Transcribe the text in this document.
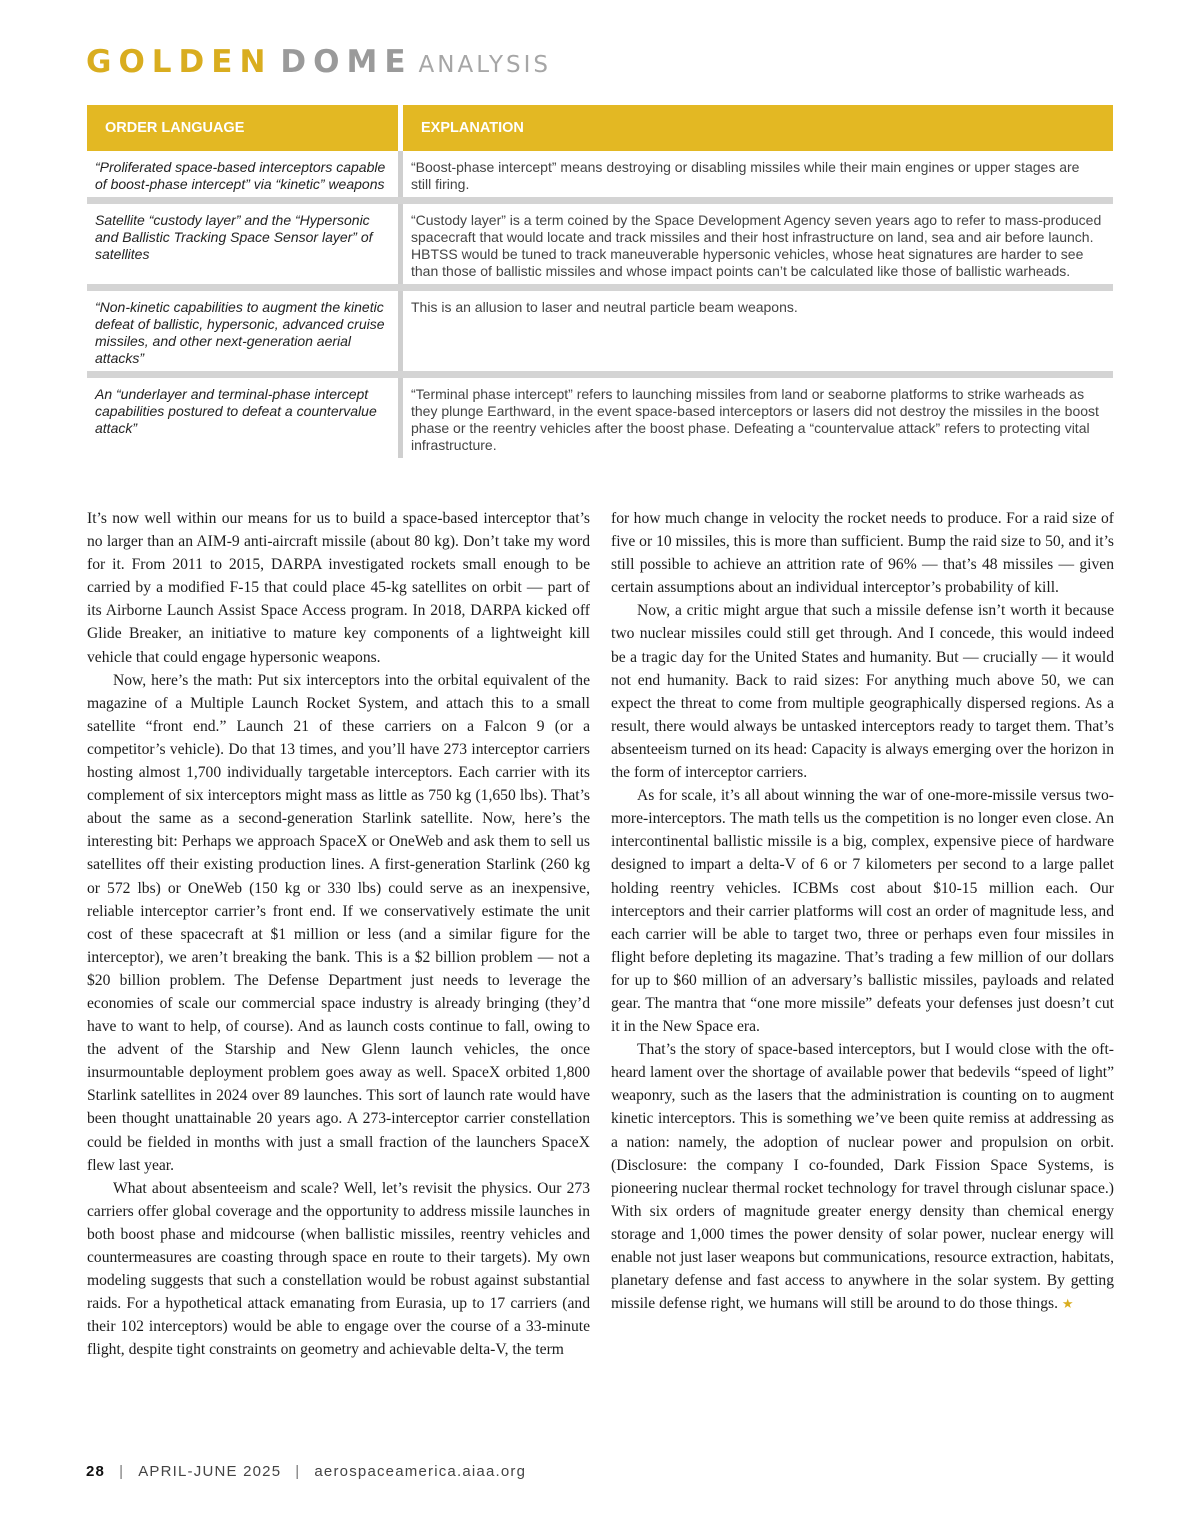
GOLDEN DOME ANALYSIS
ORDER LANGUAGE	EXPLANATION
“Proliferated space-based interceptors capable of boost-phase intercept” via “kinetic” weapons
“Boost-phase intercept” means destroying or disabling missiles while their main engines or upper stages are still firing.
Satellite “custody layer” and the “Hypersonic and Ballistic Tracking Space Sensor layer” of satellites
“Custody layer” is a term coined by the Space Development Agency seven years ago to refer to mass-produced spacecraft that would locate and track missiles and their host infrastructure on land, sea and air before launch. HBTSS would be tuned to track maneuverable hypersonic vehicles, whose heat signatures are harder to see than those of ballistic missiles and whose impact points can’t be calculated like those of ballistic warheads.
“Non-kinetic capabilities to augment the kinetic defeat of ballistic, hypersonic, advanced cruise missiles, and other next-generation aerial attacks”
This is an allusion to laser and neutral particle beam weapons.
An “underlayer and terminal-phase intercept capabilities postured to defeat a countervalue attack”
“Terminal phase intercept” refers to launching missiles from land or seaborne platforms to strike warheads as they plunge Earthward, in the event space-based interceptors or lasers did not destroy the missiles in the boost phase or the reentry vehicles after the boost phase. Defeating a “countervalue attack” refers to protecting vital infrastructure.

It’s now well within our means for us to build a space-based interceptor that’s no larger than an AIM-9 anti-aircraft missile (about 80 kg). Don’t take my word for it. From 2011 to 2015, DARPA investigated rockets small enough to be carried by a modified F-15 that could place 45-kg satellites on orbit — part of its Airborne Launch Assist Space Access program. In 2018, DARPA kicked off Glide Breaker, an initiative to mature key components of a lightweight kill vehicle that could engage hypersonic weapons.

Now, here’s the math: Put six interceptors into the orbital equivalent of the magazine of a Multiple Launch Rocket System, and attach this to a small satellite “front end.” Launch 21 of these carriers on a Falcon 9 (or a competitor’s vehicle). Do that 13 times, and you’ll have 273 interceptor carriers hosting almost 1,700 individually targetable interceptors. Each carrier with its complement of six interceptors might mass as little as 750 kg (1,650 lbs). That’s about the same as a second-generation Starlink satellite. Now, here’s the interesting bit: Perhaps we approach SpaceX or OneWeb and ask them to sell us satellites off their existing production lines. A first-generation Starlink (260 kg or 572 lbs) or OneWeb (150 kg or 330 lbs) could serve as an inexpensive, reliable interceptor carrier’s front end. If we conservatively estimate the unit cost of these spacecraft at $1 million or less (and a similar figure for the interceptor), we aren’t breaking the bank. This is a $2 billion problem — not a $20 billion problem. The Defense Department just needs to leverage the economies of scale our commercial space industry is already bringing (they’d have to want to help, of course). And as launch costs continue to fall, owing to the advent of the Starship and New Glenn launch vehicles, the once insurmountable deployment problem goes away as well. SpaceX orbited 1,800 Starlink satellites in 2024 over 89 launches. This sort of launch rate would have been thought unattainable 20 years ago. A 273-interceptor carrier constellation could be fielded in months with just a small fraction of the launchers SpaceX flew last year.

What about absenteeism and scale? Well, let’s revisit the physics. Our 273 carriers offer global coverage and the opportunity to address missile launches in both boost phase and midcourse (when ballistic missiles, reentry vehicles and countermeasures are coasting through space en route to their targets). My own modeling suggests that such a constellation would be robust against substantial raids. For a hypothetical attack emanating from Eurasia, up to 17 carriers (and their 102 interceptors) would be able to engage over the course of a 33-minute flight, despite tight constraints on geometry and achievable delta-V, the term

for how much change in velocity the rocket needs to produce. For a raid size of five or 10 missiles, this is more than sufficient. Bump the raid size to 50, and it’s still possible to achieve an attrition rate of 96% — that’s 48 missiles — given certain assumptions about an individual interceptor’s probability of kill.

Now, a critic might argue that such a missile defense isn’t worth it because two nuclear missiles could still get through. And I concede, this would indeed be a tragic day for the United States and humanity. But — crucially — it would not end humanity. Back to raid sizes: For anything much above 50, we can expect the threat to come from multiple geographically dispersed regions. As a result, there would always be untasked interceptors ready to target them. That’s absenteeism turned on its head: Capacity is always emerging over the horizon in the form of interceptor carriers.

As for scale, it’s all about winning the war of one-more-missile versus two-more-interceptors. The math tells us the competition is no longer even close. An intercontinental ballistic missile is a big, complex, expensive piece of hardware designed to impart a delta-V of 6 or 7 kilometers per second to a large pallet holding reentry vehicles. ICBMs cost about $10-15 million each. Our interceptors and their carrier platforms will cost an order of magnitude less, and each carrier will be able to target two, three or perhaps even four missiles in flight before depleting its magazine. That’s trading a few million of our dollars for up to $60 million of an adversary’s ballistic missiles, payloads and related gear. The mantra that “one more missile” defeats your defenses just doesn’t cut it in the New Space era.

That’s the story of space-based interceptors, but I would close with the oft-heard lament over the shortage of available power that bedevils “speed of light” weaponry, such as the lasers that the administration is counting on to augment kinetic interceptors. This is something we’ve been quite remiss at addressing as a nation: namely, the adoption of nuclear power and propulsion on orbit. (Disclosure: the company I co-founded, Dark Fission Space Systems, is pioneering nuclear thermal rocket technology for travel through cislunar space.) With six orders of magnitude greater energy density than chemical energy storage and 1,000 times the power density of solar power, nuclear energy will enable not just laser weapons but communications, resource extraction, habitats, planetary defense and fast access to anywhere in the solar system. By getting missile defense right, we humans will still be around to do those things. ★

28 | APRIL-JUNE 2025 | aerospaceamerica.aiaa.org
